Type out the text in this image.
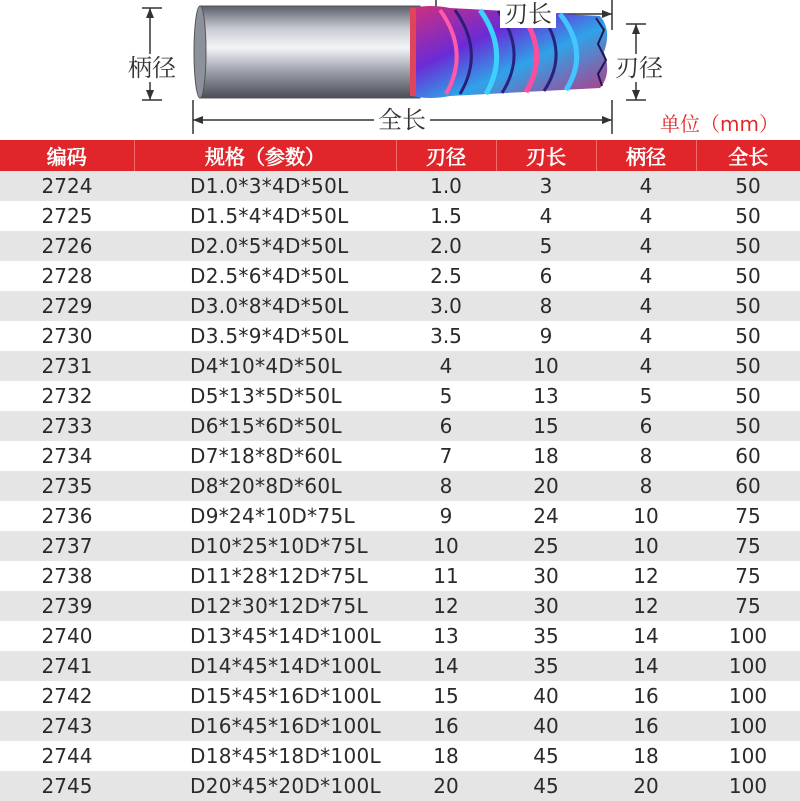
柄径
刃长
刃径
全长	单位（mm）
编码	规格（参数）	刃径	刃长	柄径	全长
2724	D1.0*3*4D*50L	1.0	3	4	50
2725	D1.5*4*4D*50L	1.5	4	4	50
2726	D2.0*5*4D*50L	2.0	5	4	50
2728	D2.5*6*4D*50L	2.5	6	4	50
2729	D3.0*8*4D*50L	3.0	8	4	50
2730	D3.5*9*4D*50L	3.5	9	4	50
2731	D4*10*4D*50L	4	10	4	50
2732	D5*13*5D*50L	5	13	5	50
2733	D6*15*6D*50L	6	15	6	50
2734	D7*18*8D*60L	7	18	8	60
2735	D8*20*8D*60L	8	20	8	60
2736	D9*24*10D*75L	9	24	10	75
2737	D10*25*10D*75L	10	25	10	75
2738	D11*28*12D*75L	11	30	12	75
2739	D12*30*12D*75L	12	30	12	75
2740	D13*45*14D*100L	13	35	14	100
2741	D14*45*14D*100L	14	35	14	100
2742	D15*45*16D*100L	15	40	16	100
2743	D16*45*16D*100L	16	40	16	100
2744	D18*45*18D*100L	18	45	18	100
2745	D20*45*20D*100L	20	45	20	100
